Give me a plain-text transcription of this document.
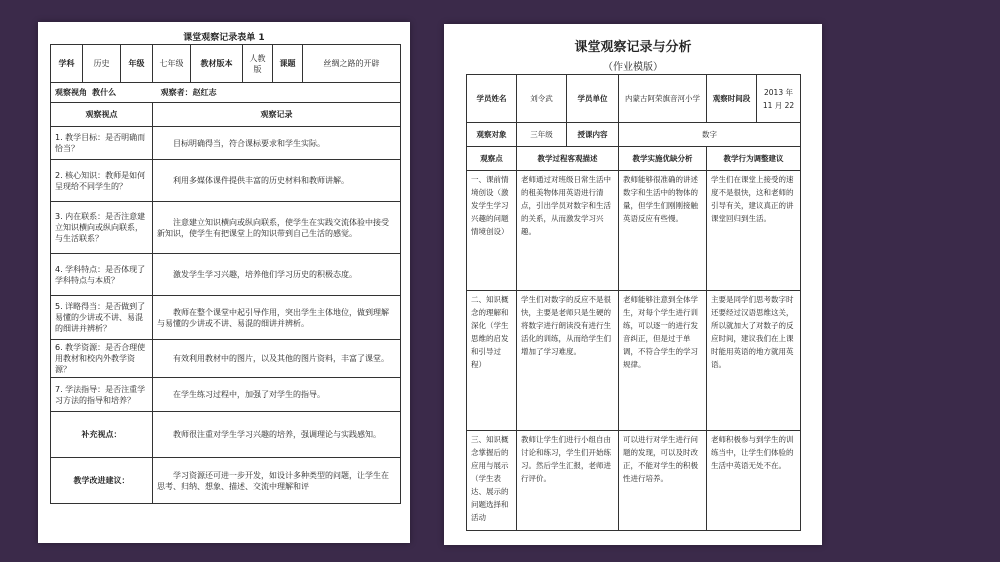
课堂观察记录表单 1
学科	历史	年级	七年级	教材版本	人教版	课题	丝绸之路的开辟
观察视角 教什么 观察者：赵红志							
观察视点			观察记录				
1. 教学目标：是否明确而恰当？			目标明确得当，符合课标要求和学生实际。				
2. 核心知识：教师是如何呈现给不同学生的？			利用多媒体课件提供丰富的历史材料和教师讲解。				
3. 内在联系：是否注意建立知识横向或纵向联系，与生活联系？			注意建立知识横向或纵向联系，使学生在实践交流体验中接受新知识，使学生有把课堂上的知识带到自己生活的感觉。				
4. 学科特点：是否体现了学科特点与本质？			激发学生学习兴趣，培养他们学习历史的积极态度。				
5. 详略得当：是否做到了易懂的少讲或不讲、易混的细讲并辨析？			教师在整个课堂中起引导作用，突出学生主体地位，做到理解与易懂的少讲或不讲、易混的细讲并辨析。				
6. 教学资源：是否合理使用教材和校内外教学资源？			有效利用教材中的图片，以及其他的图片资料，丰富了课堂。				
7. 学法指导：是否注重学习方法的指导和培养？			在学生练习过程中，加强了对学生的指导。				
补充视点：			教师很注重对学生学习兴趣的培养，强调理论与实践感知。				
教学改进建议：			学习资源还可进一步开发，如设计多种类型的问题，让学生在思考、归纳、想象、描述、交流中理解和评				
课堂观察记录与分析
（作业模版）
学员姓名	刘令武	学员单位	内蒙古阿荣旗音河小学	观察时间段	2013 年 11 月 22
观察对象	三年级	授课内容	数字		
观察点	教学过程客观描述		教学实施优缺分析	教学行为调整建议	
一、课前情境创设（激发学生学习兴趣的问题情境创设）	老师通过对班级日常生活中的租美物体用英语进行清点，引出学员对数字和生活的关系，从而激发学习兴趣。		教师能够很准确的讲述数字和生活中的物体的量，但学生们刚刚接触英语反应有些慢。	学生们在课堂上接受的速度不是很快，这和老师的引导有关，建议真正的讲课堂回归到生活。	
二、知识概念的理解和深化（学生思维的启发和引导过程）	学生们对数字的反应不是很快，主要是老师只是生硬的将数字进行朗读没有进行生活化的训练，从而给学生们增加了学习难度。		老师能够注意到全体学生，对每个学生进行训练，可以逐一的进行发音纠正，但是过于单调，不符合学生的学习规律。	主要是同学们思考数字时还要经过汉语思维这关，所以就加大了对数子的反应时间，建议我们在上课时能用英语的地方就用英语。	
三、知识概念掌握后的应用与展示（学生表达、展示的问题选择和活动	教师让学生们进行小组自由讨论和练习，学生们开始练习。然后学生汇报，老师进行评价。		可以进行对学生进行问题的发现，可以及时改正，不能对学生的积极性进行培养。	老师积极参与到学生的训练当中，让学生们体验的生活中英语无处不在。	
